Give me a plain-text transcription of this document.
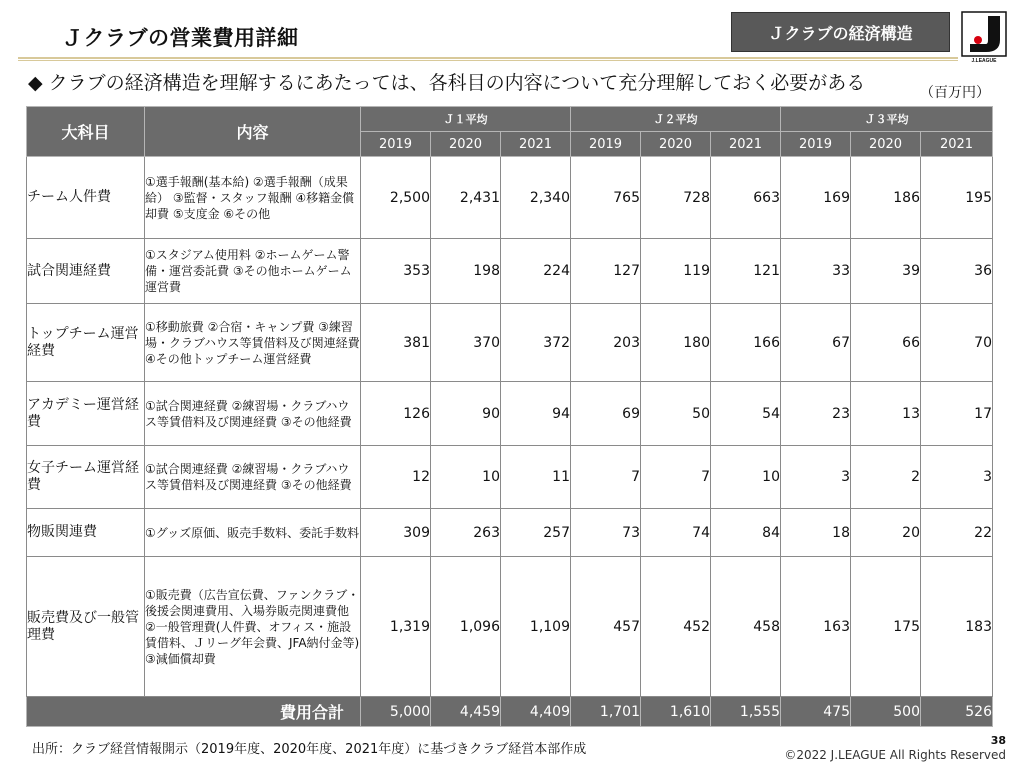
Ｊクラブの営業費用詳細	Ｊクラブの経済構造
J.LEAGUE
◆ クラブの経済構造を理解するにあたっては、各科目の内容について充分理解しておく必要がある	（百万円）
大科目	内容	Ｊ１平均			Ｊ２平均			Ｊ３平均		
		2019	2020	2021	2019	2020	2021	2019	2020	2021
チーム人件費	①選手報酬(基本給) ②選手報酬（成果給） ③監督・スタッフ報酬 ④移籍金償却費 ⑤支度金 ⑥その他	2,500	2,431	2,340	765	728	663	169	186	195
試合関連経費	①スタジアム使用料 ②ホームゲーム警備・運営委託費 ③その他ホームゲーム運営費	353	198	224	127	119	121	33	39	36
トップチーム運営経費	①移動旅費 ②合宿・キャンプ費 ③練習場・クラブハウス等賃借料及び関連経費 ④その他トップチーム運営経費	381	370	372	203	180	166	67	66	70
アカデミー運営経費	①試合関連経費 ②練習場・クラブハウス等賃借料及び関連経費 ③その他経費	126	90	94	69	50	54	23	13	17
女子チーム運営経費	①試合関連経費 ②練習場・クラブハウス等賃借料及び関連経費 ③その他経費	12	10	11	7	7	10	3	2	3
物販関連費	①グッズ原価、販売手数料、委託手数料	309	263	257	73	74	84	18	20	22
販売費及び一般管理費	①販売費（広告宣伝費、ファンクラブ・後援会関連費用、入場券販売関連費他 ②一般管理費(人件費、オフィス・施設賃借料、Ｊリーグ年会費、JFA納付金等) ③減価償却費	1,319	1,096	1,109	457	452	458	163	175	183
費用合計		5,000	4,459	4,409	1,701	1,610	1,555	475	500	526
出所：クラブ経営情報開示（2019年度、2020年度、2021年度）に基づきクラブ経営本部作成
38
©2022 J.LEAGUE All Rights Reserved
